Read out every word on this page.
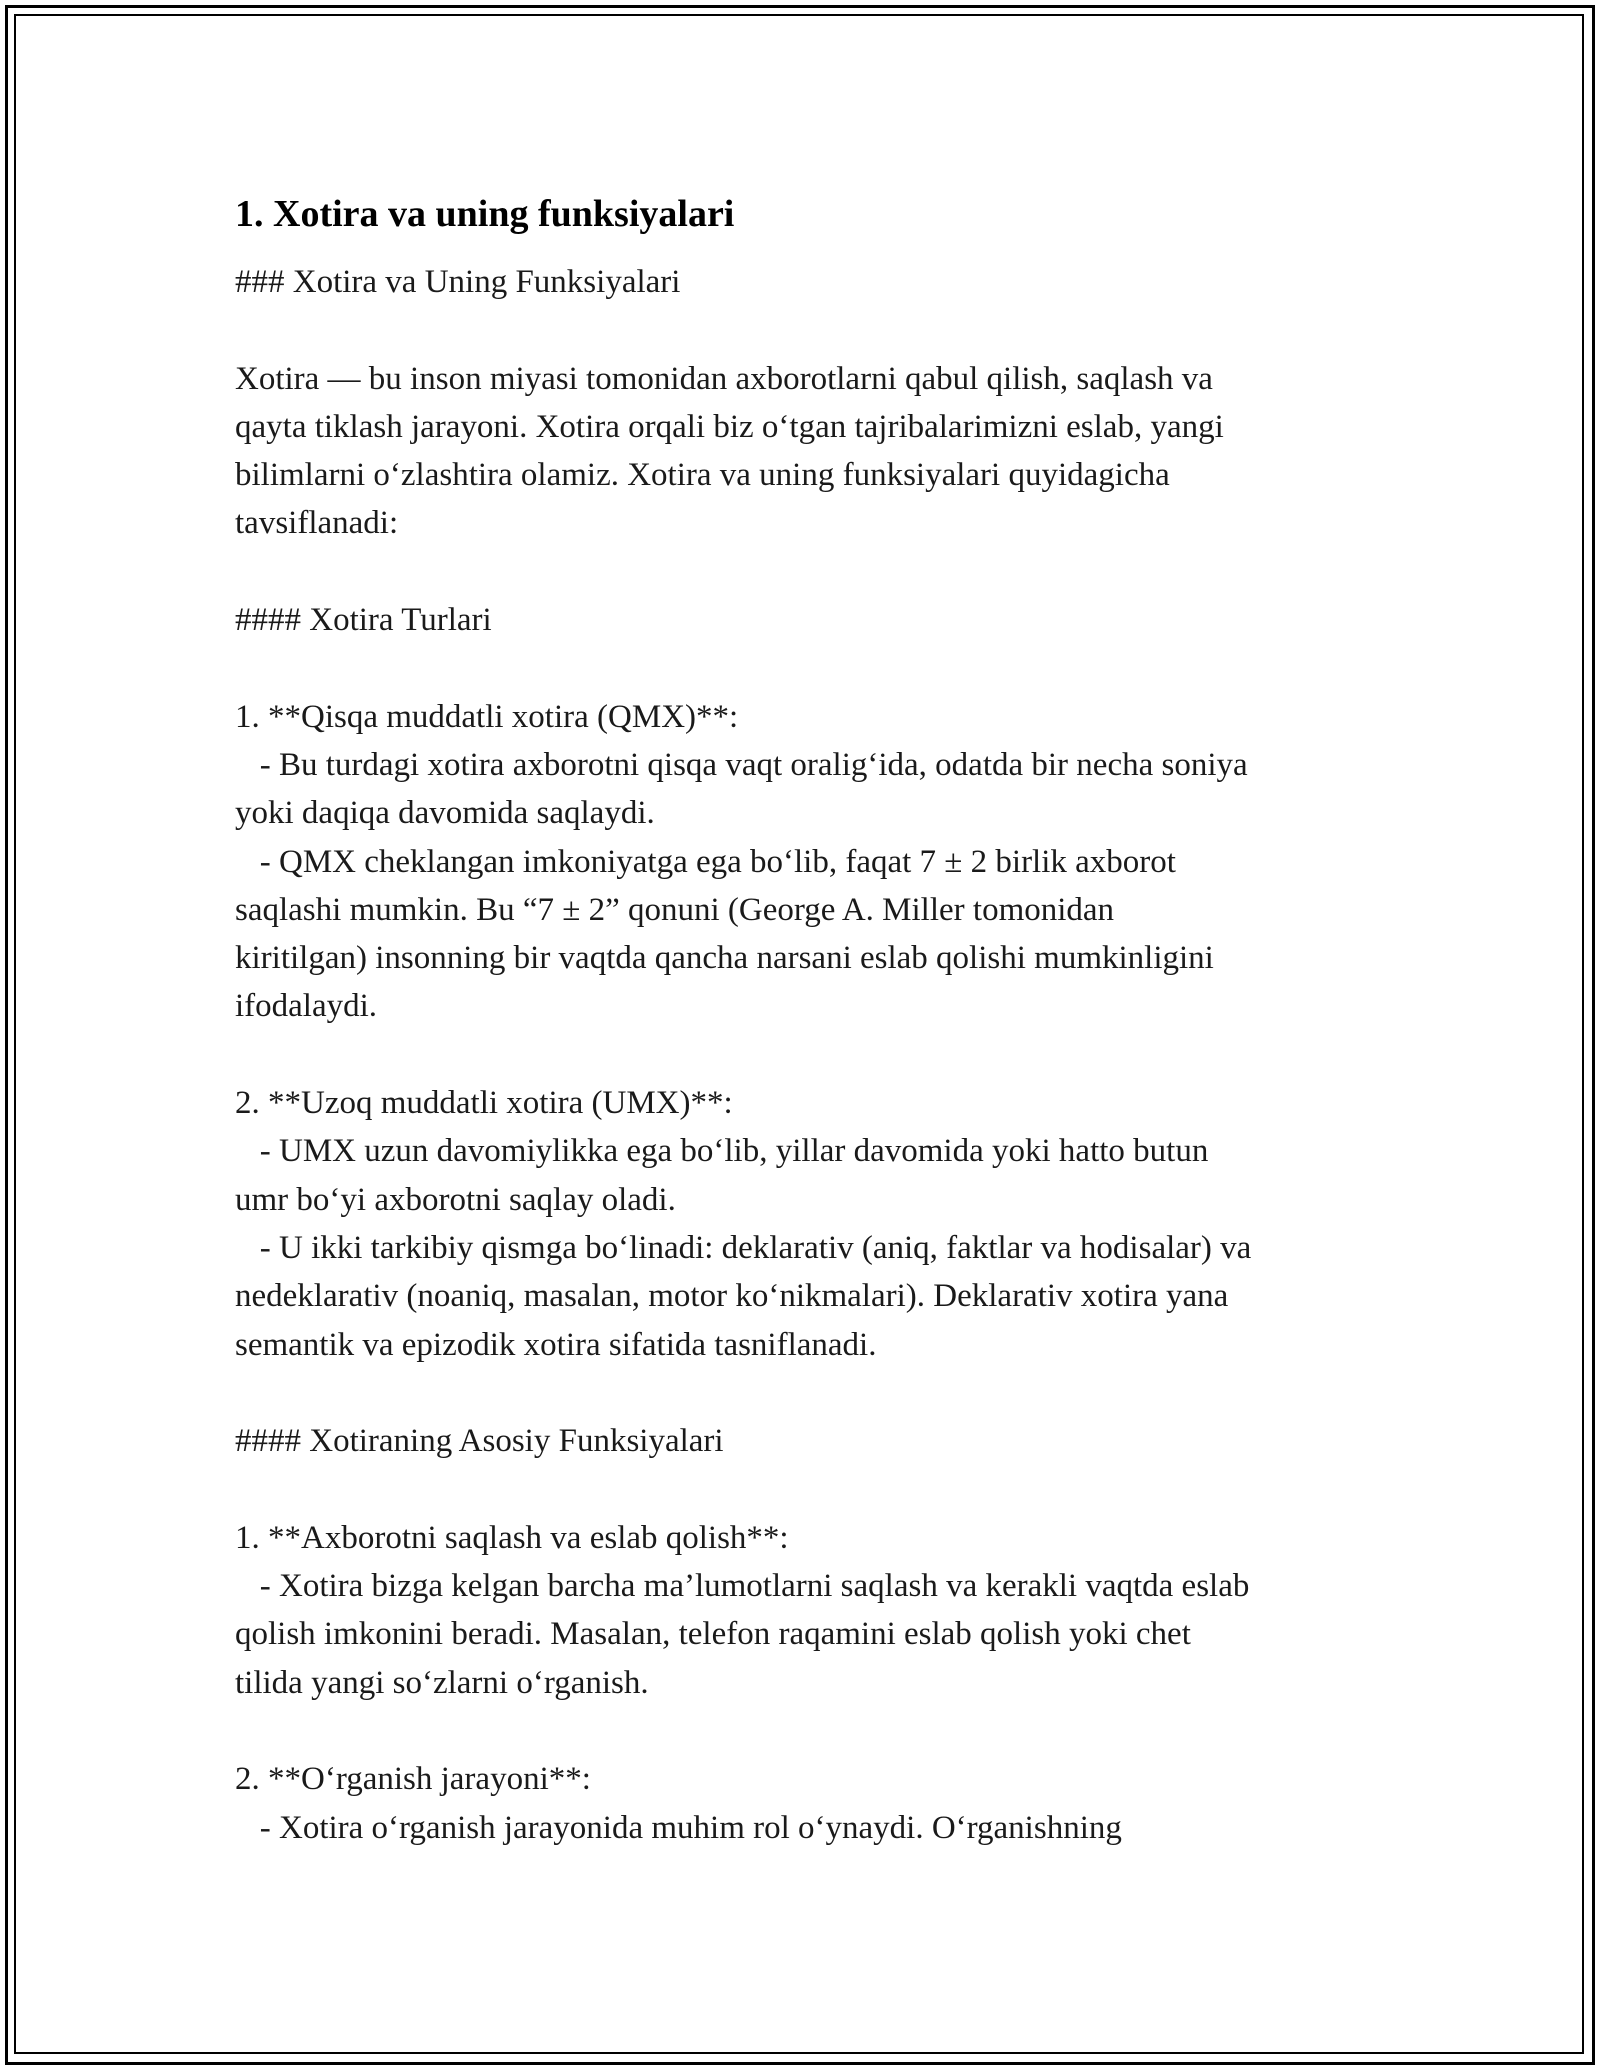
1. Xotira va uning funksiyalari

### Xotira va Uning Funksiyalari

Xotira — bu inson miyasi tomonidan axborotlarni qabul qilish, saqlash va

qayta tiklash jarayoni. Xotira orqali biz o‘tgan tajribalarimizni eslab, yangi

bilimlarni o‘zlashtira olamiz. Xotira va uning funksiyalari quyidagicha

tavsiflanadi:

#### Xotira Turlari

1. **Qisqa muddatli xotira (QMX)**:

- Bu turdagi xotira axborotni qisqa vaqt oralig‘ida, odatda bir necha soniya

yoki daqiqa davomida saqlaydi.

- QMX cheklangan imkoniyatga ega bo‘lib, faqat 7 ± 2 birlik axborot

saqlashi mumkin. Bu “7 ± 2” qonuni (George A. Miller tomonidan

kiritilgan) insonning bir vaqtda qancha narsani eslab qolishi mumkinligini

ifodalaydi.

2. **Uzoq muddatli xotira (UMX)**:

- UMX uzun davomiylikka ega bo‘lib, yillar davomida yoki hatto butun

umr bo‘yi axborotni saqlay oladi.

- U ikki tarkibiy qismga bo‘linadi: deklarativ (aniq, faktlar va hodisalar) va

nedeklarativ (noaniq, masalan, motor ko‘nikmalari). Deklarativ xotira yana

semantik va epizodik xotira sifatida tasniflanadi.

#### Xotiraning Asosiy Funksiyalari

1. **Axborotni saqlash va eslab qolish**:

- Xotira bizga kelgan barcha ma’lumotlarni saqlash va kerakli vaqtda eslab

qolish imkonini beradi. Masalan, telefon raqamini eslab qolish yoki chet

tilida yangi so‘zlarni o‘rganish.

2. **O‘rganish jarayoni**:

- Xotira o‘rganish jarayonida muhim rol o‘ynaydi. O‘rganishning
